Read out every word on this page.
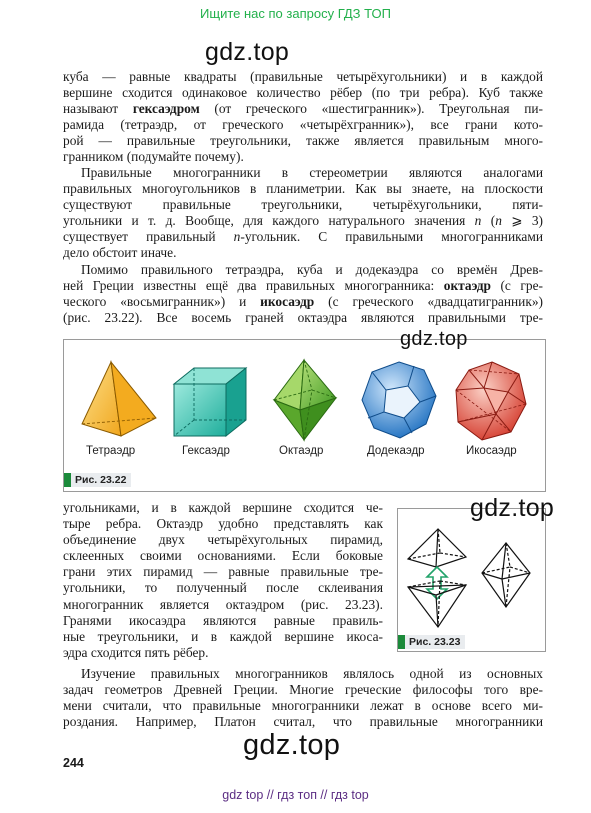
Ищите нас по запросу ГДЗ ТОП
gdz.top
куба — равные квадраты (правильные четырёхугольники) и в каждой
вершине сходится одинаковое количество рёбер (по три ребра). Куб также
называют гексаэдром (от греческого «шестигранник»). Треугольная пи-
рамида (тетраэдр, от греческого «четырёхгранник»), все грани кото-
рой — правильные треугольники, также является правильным много-
гранником (подумайте почему).
Правильные многогранники в стереометрии являются аналогами
правильных многоугольников в планиметрии. Как вы знаете, на плоскости
существуют правильные треугольники, четырёхугольники, пяти-
угольники и т. д. Вообще, для каждого натурального значения n (n ⩾ 3)
существует правильный n-угольник. С правильными многогранниками
дело обстоит иначе.
Помимо правильного тетраэдра, куба и додекаэдра со времён Древ-
ней Греции известны ещё два правильных многогранника: октаэдр (с гре-
ческого «восьмигранник») и икосаэдр (с греческого «двадцатигранник»)
(рис. 23.22). Все восемь граней октаэдра являются правильными тре-
Тетраэдр	Гексаэдр	Октаэдр	Додекаэдр	Икосаэдр
Рис. 23.22
gdz.top
угольниками, и в каждой вершине сходится че-
тыре ребра. Октаэдр удобно представлять как
объединение двух четырёхугольных пирамид,
склеенных своими основаниями. Если боковые
грани этих пирамид — равные правильные тре-
угольники, то полученный после склеивания
многогранник является октаэдром (рис. 23.23).
Гранями икосаэдра являются равные правиль-
ные треугольники, и в каждой вершине икоса-
эдра сходится пять рёбер.
Рис. 23.23
gdz.top
Изучение правильных многогранников являлось одной из основных
задач геометров Древней Греции. Многие греческие философы того вре-
мени считали, что правильные многогранники лежат в основе всего ми-
роздания. Например, Платон считал, что правильные многогранники
gdz.top
244
gdz top // гдз топ // гдз top
